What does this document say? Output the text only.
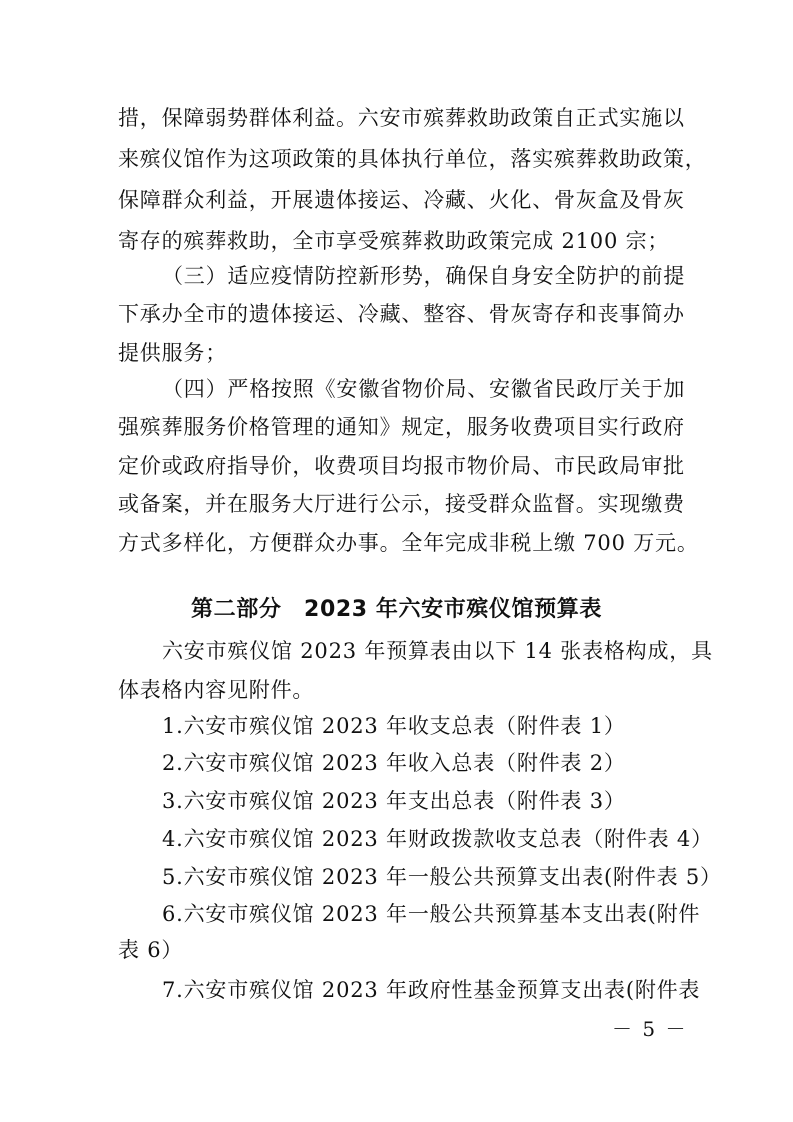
措，保障弱势群体利益。六安市殡葬救助政策自正式实施以
来殡仪馆作为这项政策的具体执行单位，落实殡葬救助政策，
保障群众利益，开展遗体接运、冷藏、火化、骨灰盒及骨灰
寄存的殡葬救助，全市享受殡葬救助政策完成 2100 宗；
（三）适应疫情防控新形势，确保自身安全防护的前提
下承办全市的遗体接运、冷藏、整容、骨灰寄存和丧事简办
提供服务；
（四）严格按照《安徽省物价局、安徽省民政厅关于加
强殡葬服务价格管理的通知》规定，服务收费项目实行政府
定价或政府指导价，收费项目均报市物价局、市民政局审批
或备案，并在服务大厅进行公示，接受群众监督。实现缴费
方式多样化，方便群众办事。全年完成非税上缴 700 万元。
第二部分　2023 年六安市殡仪馆预算表
六安市殡仪馆 2023 年预算表由以下 14 张表格构成，具
体表格内容见附件。
1.六安市殡仪馆 2023 年收支总表（附件表 1）
2.六安市殡仪馆 2023 年收入总表（附件表 2）
3.六安市殡仪馆 2023 年支出总表（附件表 3）
4.六安市殡仪馆 2023 年财政拨款收支总表（附件表 4）
5.六安市殡仪馆 2023 年一般公共预算支出表(附件表 5）
6.六安市殡仪馆 2023 年一般公共预算基本支出表(附件
表 6）
7.六安市殡仪馆 2023 年政府性基金预算支出表(附件表
－ 5 －
